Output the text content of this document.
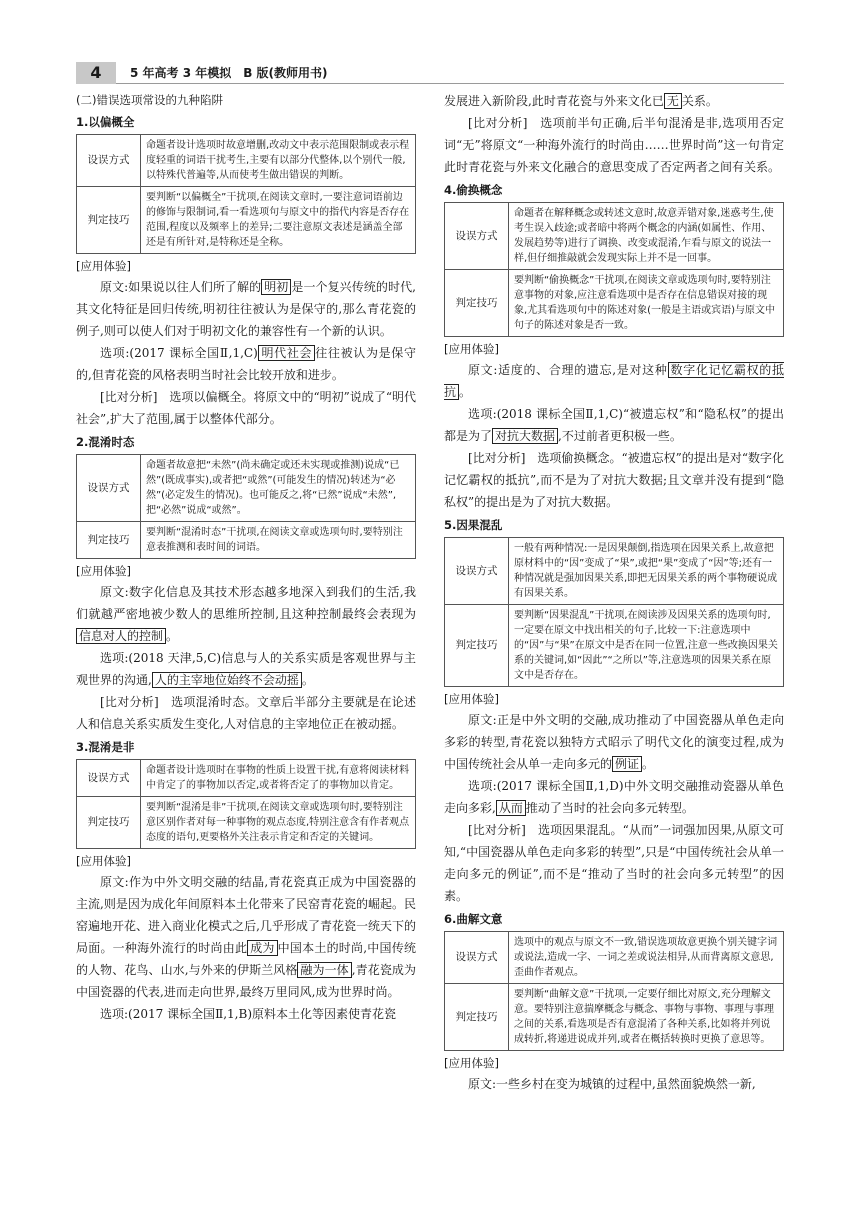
4	5 年高考 3 年模拟　B 版(教师用书)
(二)错误选项常设的九种陷阱
1.以偏概全
设误方式	命题者设计选项时故意增删,改动文中表示范围限制或表示程度轻重的词语干扰考生,主要有以部分代整体,以个别代一般,以特殊代普遍等,从而使考生做出错误的判断。
判定技巧	要判断“以偏概全”干扰项,在阅读文章时,一要注意词语前边的修饰与限制词,看一看选项句与原文中的指代内容是否存在范围,程度以及频率上的差异;二要注意原文表述是涵盖全部还是有所针对,是特称还是全称。
[应用体验]

原文:如果说以往人们所了解的 明初 是一个复兴传统的时代,其文化特征是回归传统,明初往往被认为是保守的,那么青花瓷的例子,则可以使人们对于明初文化的兼容性有一个新的认识。

选项:(2017 课标全国Ⅱ,1,C) 明代社会 往往被认为是保守的,但青花瓷的风格表明当时社会比较开放和进步。

[比对分析]　选项以偏概全。将原文中的“明初”说成了“明代社会”,扩大了范围,属于以整体代部分。

2.混淆时态
设误方式	命题者故意把“未然”(尚未确定或还未实现或推测)说成“已然”(既成事实),或者把“或然”(可能发生的情况)转述为“必然”(必定发生的情况)。也可能反之,将“已然”说成“未然”,把“必然”说成“或然”。
判定技巧	要判断“混淆时态”干扰项,在阅读文章或选项句时,要特别注意表推测和表时间的词语。
[应用体验]

原文:数字化信息及其技术形态越多地深入到我们的生活,我们就越严密地被少数人的思维所控制,且这种控制最终会表现为信息对人的控制 。

选项:(2018 天津,5,C)信息与人的关系实质是客观世界与主观世界的沟通, 人的主宰地位始终不会动摇 。

[比对分析]　选项混淆时态。文章后半部分主要就是在论述人和信息关系实质发生变化,人对信息的主宰地位正在被动摇。

3.混淆是非
设误方式	命题者设计选项时在事物的性质上设置干扰,有意将阅读材料中肯定了的事物加以否定,或者将否定了的事物加以肯定。
判定技巧	要判断“混淆是非”干扰项,在阅读文章或选项句时,要特别注意区别作者对每一种事物的观点态度,特别注意含有作者观点态度的语句,更要格外关注表示肯定和否定的关键词。
[应用体验]

原文:作为中外文明交融的结晶,青花瓷真正成为中国瓷器的主流,则是因为成化年间原料本土化带来了民窑青花瓷的崛起。民窑遍地开花、进入商业化模式之后,几乎形成了青花瓷一统天下的局面。一种海外流行的时尚由此 成为 中国本土的时尚,中国传统的人物、花鸟、山水,与外来的伊斯兰风格 融为一体 ,青花瓷成为中国瓷器的代表,进而走向世界,最终万里同风,成为世界时尚。

选项:(2017 课标全国Ⅱ,1,B)原料本土化等因素使青花瓷

发展进入新阶段,此时青花瓷与外来文化已 无 关系。

[比对分析]　选项前半句正确,后半句混淆是非,选项用否定词“无”将原文“一种海外流行的时尚由……世界时尚”这一句肯定此时青花瓷与外来文化融合的意思变成了否定两者之间有关系。

4.偷换概念
设误方式	命题者在解释概念或转述文意时,故意弄错对象,迷惑考生,使考生误入歧途;或者暗中将两个概念的内涵(如属性、作用、发展趋势等)进行了调换、改变或混淆,乍看与原文的说法一样,但仔细推敲就会发现实际上并不是一回事。
判定技巧	要判断“偷换概念”干扰项,在阅读文章或选项句时,要特别注意事物的对象,应注意看选项中是否存在信息错误对接的现象,尤其看选项句中的陈述对象(一般是主语或宾语)与原文中句子的陈述对象是否一致。
[应用体验]

原文:适度的、合理的遗忘,是对这种 数字化记忆霸权的抵抗 。

选项:(2018 课标全国Ⅱ,1,C)“被遗忘权”和“隐私权”的提出都是为了 对抗大数据 ,不过前者更积极一些。

[比对分析]　选项偷换概念。“被遗忘权”的提出是对“数字化记忆霸权的抵抗”,而不是为了对抗大数据;且文章并没有提到“隐私权”的提出是为了对抗大数据。

5.因果混乱
设误方式	一般有两种情况:一是因果颠倒,指选项在因果关系上,故意把原材料中的“因”变成了“果”,或把“果”变成了“因”等;还有一种情况就是强加因果关系,即把无因果关系的两个事物硬说成有因果关系。
判定技巧	要判断“因果混乱”干扰项,在阅读涉及因果关系的选项句时,一定要在原文中找出相关的句子,比较一下:注意选项中的“因”与“果”在原文中是否在同一位置,注意一些改换因果关系的关键词,如“因此”“之所以”等,注意选项的因果关系在原文中是否存在。
[应用体验]

原文:正是中外文明的交融,成功推动了中国瓷器从单色走向多彩的转型,青花瓷以独特方式昭示了明代文化的演变过程,成为中国传统社会从单一走向多元的 例证 。

选项:(2017 课标全国Ⅱ,1,D)中外文明交融推动瓷器从单色走向多彩, 从而 推动了当时的社会向多元转型。

[比对分析]　选项因果混乱。“从而”一词强加因果,从原文可知,“中国瓷器从单色走向多彩的转型”,只是“中国传统社会从单一走向多元的例证”,而不是“推动了当时的社会向多元转型”的因素。

6.曲解文意
设误方式	选项中的观点与原文不一致,错误选项故意更换个别关键字词或说法,造成一字、一词之差或说法相异,从而背离原文意思,歪曲作者观点。
判定技巧	要判断“曲解文意”干扰项,一定要仔细比对原文,充分理解文意。要特别注意揣摩概念与概念、事物与事物、事理与事理之间的关系,看选项是否有意混淆了各种关系,比如将并列说成转折,将递进说成并列,或者在概括转换时更换了意思等。
[应用体验]

原文:一些乡村在变为城镇的过程中,虽然面貌焕然一新,
